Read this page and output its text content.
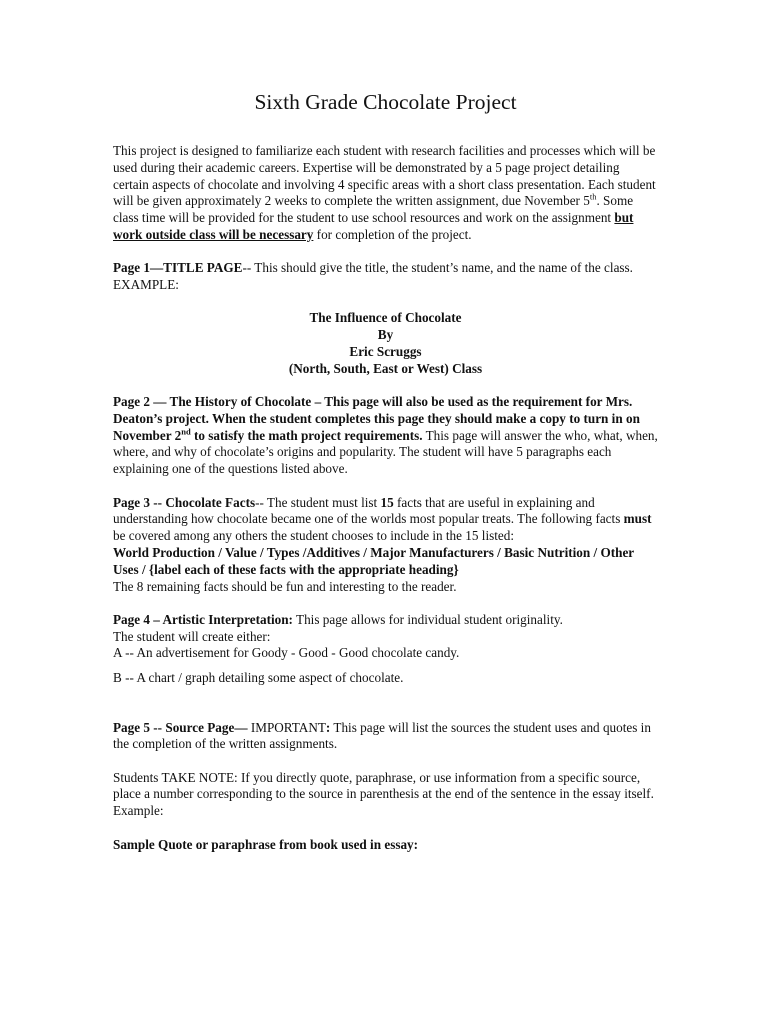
Sixth Grade Chocolate Project

This project is designed to familiarize each student with research facilities and processes which will be used during their academic careers. Expertise will be demonstrated by a 5 page project detailing certain aspects of chocolate and involving 4 specific areas with a short class presentation. Each student will be given approximately 2 weeks to complete the written assignment, due November 5th. Some class time will be provided for the student to use school resources and work on the assignment but work outside class will be necessary for completion of the project.

Page 1—TITLE PAGE-- This should give the title, the student’s name, and the name of the class. EXAMPLE:

The Influence of Chocolate
By
Eric Scruggs
(North, South, East or West) Class

Page 2 — The History of Chocolate – This page will also be used as the requirement for Mrs. Deaton’s project. When the student completes this page they should make a copy to turn in on November 2nd to satisfy the math project requirements. This page will answer the who, what, when, where, and why of chocolate’s origins and popularity. The student will have 5 paragraphs each explaining one of the questions listed above.

Page 3 -- Chocolate Facts-- The student must list 15 facts that are useful in explaining and understanding how chocolate became one of the worlds most popular treats. The following facts must be covered among any others the student chooses to include in the 15 listed:
World Production / Value / Types /Additives / Major Manufacturers / Basic Nutrition / Other Uses / {label each of these facts with the appropriate heading}
The 8 remaining facts should be fun and interesting to the reader.

Page 4 – Artistic Interpretation: This page allows for individual student originality.
The student will create either:
A -- An advertisement for Goody - Good - Good chocolate candy.
B -- A chart / graph detailing some aspect of chocolate.

Page 5 -- Source Page— IMPORTANT: This page will list the sources the student uses and quotes in the completion of the written assignments.

Students TAKE NOTE: If you directly quote, paraphrase, or use information from a specific source, place a number corresponding to the source in parenthesis at the end of the sentence in the essay itself. Example:

Sample Quote or paraphrase from book used in essay:
